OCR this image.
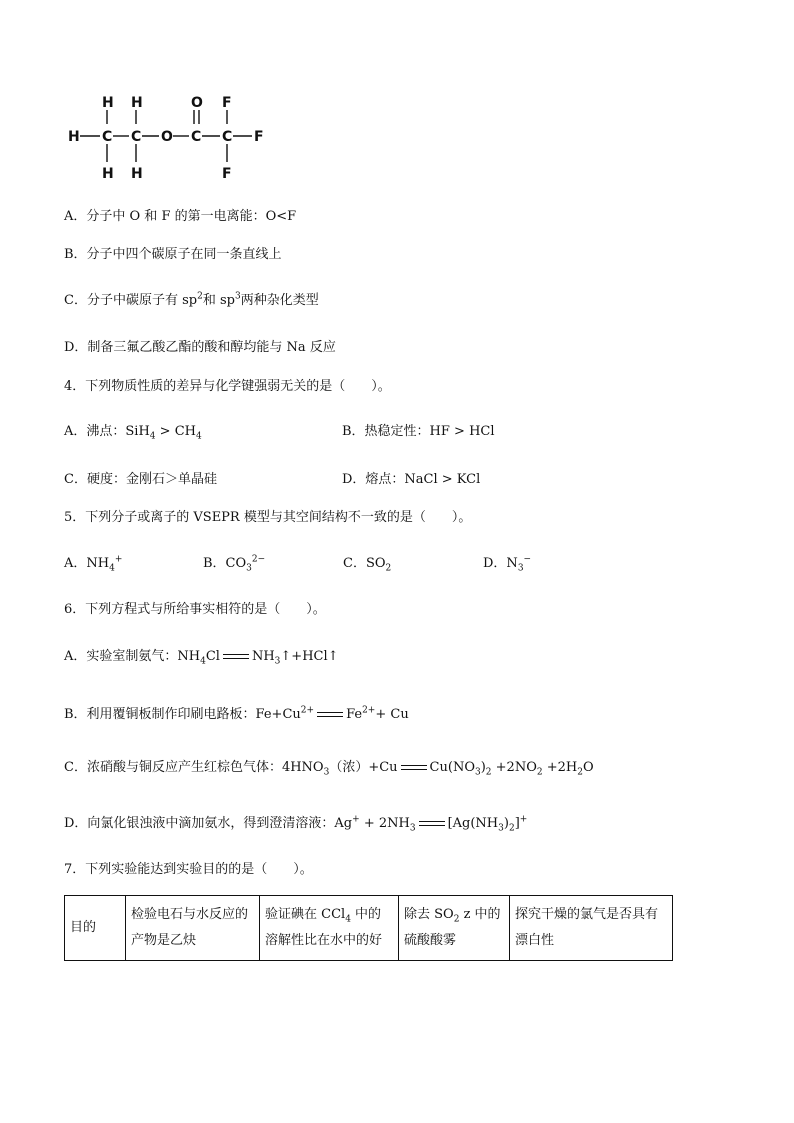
H H	O F
H C C O C C F
H H	F
A．分子中 O 和 F 的第一电离能：O<F
B．分子中四个碳原子在同一条直线上
C．分子中碳原子有 $sp^2$和 $sp^3$两种杂化类型
D．制备三氟乙酸乙酯的酸和醇均能与 Na 反应
4．下列物质性质的差异与化学键强弱无关的是（　　）。
A．沸点：$SiH_4 > CH_4$	B．热稳定性：HF > HCl
C．硬度：金刚石＞单晶硅	D．熔点：NaCl > KCl
5．下列分子或离子的 VSEPR 模型与其空间结构不一致的是（　　）。
A．$NH_4^+$	B．$CO_3^{2-}$	C．$SO_2$	D．$N_3^-$
6．下列方程式与所给事实相符的是（　　）。
A．实验室制氨气：$NH_4Cl$ $NH_3↑+HCl↑$
B．利用覆铜板制作印刷电路板：$Fe+Cu^{2+}$ $Fe^{2+}+ Cu$
C．浓硝酸与铜反应产生红棕色气体：$4HNO_3$（浓）+Cu $Cu(NO_3)_2 +2NO_2 +2H_2O$
D．向氯化银浊液中滴加氨水，得到澄清溶液：$Ag^+ + 2NH_3$ $[Ag(NH_3)_2]^+$
7．下列实验能达到实验目的的是（　　）。
目的	检验电石与水反应的产物是乙炔	验证碘在 CCl$_4$ 中的溶解性比在水中的好	除去 $SO_2$ z 中的硫酸酸雾	探究干燥的氯气是否具有漂白性
